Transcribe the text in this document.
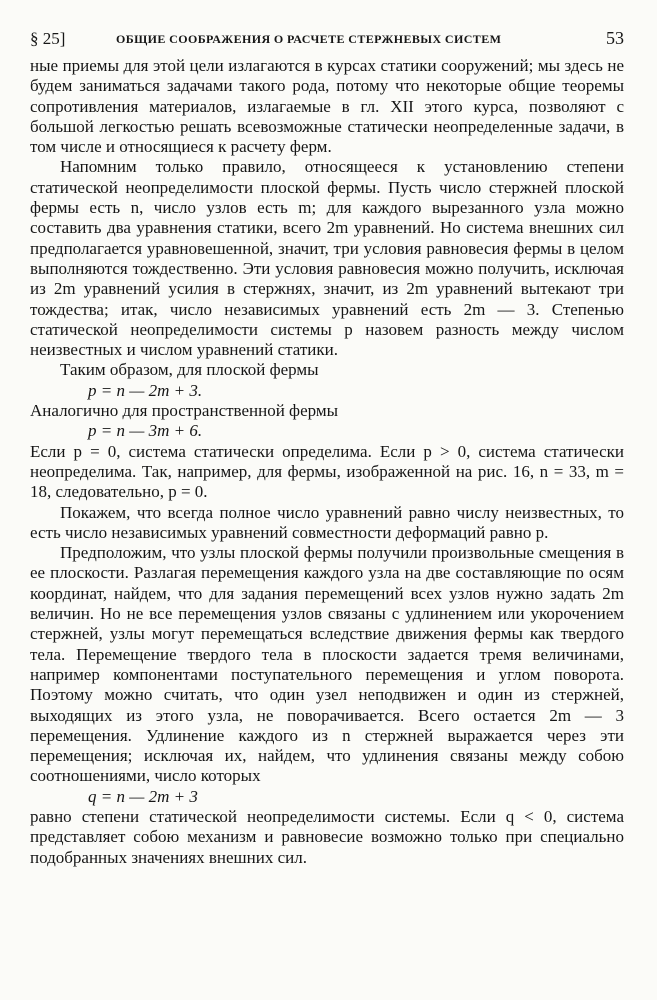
§ 25]	ОБЩИЕ СООБРАЖЕНИЯ О РАСЧЕТЕ СТЕРЖНЕВЫХ СИСТЕМ	53

ные приемы для этой цели излагаются в курсах статики сооружений; мы здесь не будем заниматься задачами такого рода, потому что некоторые общие теоремы сопротивления материалов, излагаемые в гл. XII этого курса, позволяют с большой легкостью решать всевозможные статически неопределенные задачи, в том числе и относящиеся к расчету ферм.

Напомним только правило, относящееся к установлению степени статической неопределимости плоской фермы. Пусть число стержней плоской фермы есть n, число узлов есть m; для каждого вырезанного узла можно составить два уравнения статики, всего 2m уравнений. Но система внешних сил предполагается уравновешенной, значит, три условия равновесия фермы в целом выполняются тождественно. Эти условия равновесия можно получить, исключая из 2m уравнений усилия в стержнях, значит, из 2m уравнений вытекают три тождества; итак, число независимых уравнений есть 2m — 3. Степенью статической неопределимости системы p назовем разность между числом неизвестных и числом уравнений статики.

Таким образом, для плоской фермы

p = n — 2m + 3.

Аналогично для пространственной фермы

p = n — 3m + 6.

Если p = 0, система статически определима. Если p > 0, система статически неопределима. Так, например, для фермы, изображенной на рис. 16, n = 33, m = 18, следовательно, p = 0.

Покажем, что всегда полное число уравнений равно числу неизвестных, то есть число независимых уравнений совместности деформаций равно p.

Предположим, что узлы плоской фермы получили произвольные смещения в ее плоскости. Разлагая перемещения каждого узла на две составляющие по осям координат, найдем, что для задания перемещений всех узлов нужно задать 2m величин. Но не все перемещения узлов связаны с удлинением или укорочением стержней, узлы могут перемещаться вследствие движения фермы как твердого тела. Перемещение твердого тела в плоскости задается тремя величинами, например компонентами поступательного перемещения и углом поворота. Поэтому можно считать, что один узел неподвижен и один из стержней, выходящих из этого узла, не поворачивается. Всего остается 2m — 3 перемещения. Удлинение каждого из n стержней выражается через эти перемещения; исключая их, найдем, что удлинения связаны между собою соотношениями, число которых

q = n — 2m + 3

равно степени статической неопределимости системы. Если q < 0, система представляет собою механизм и равновесие возможно только при специально подобранных значениях внешних сил.
